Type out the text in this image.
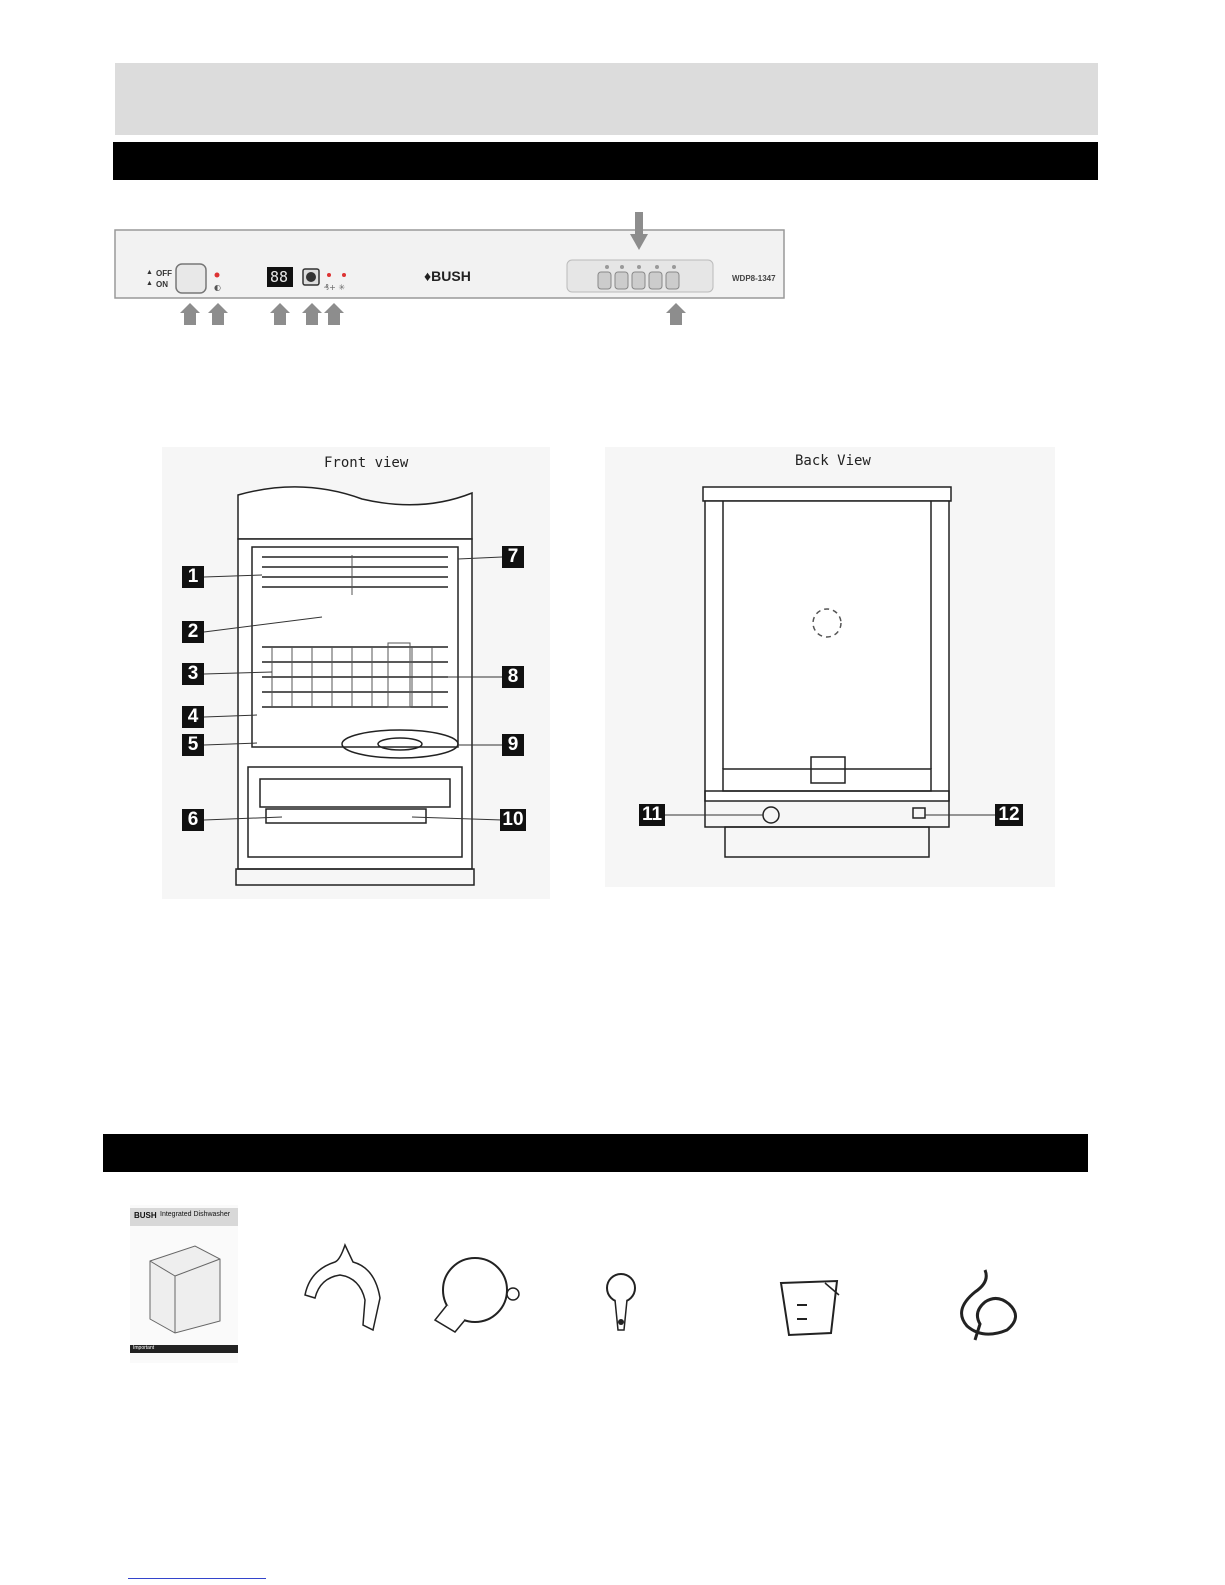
▲
▲	◐	₰+ ✳
OFF
ON	88	♦BUSH	WDP8-1347
Front view
1
2
3
4
5
6
7
8
9
10
Back View
11	12
BUSH Integrated Dishwasher
Important
